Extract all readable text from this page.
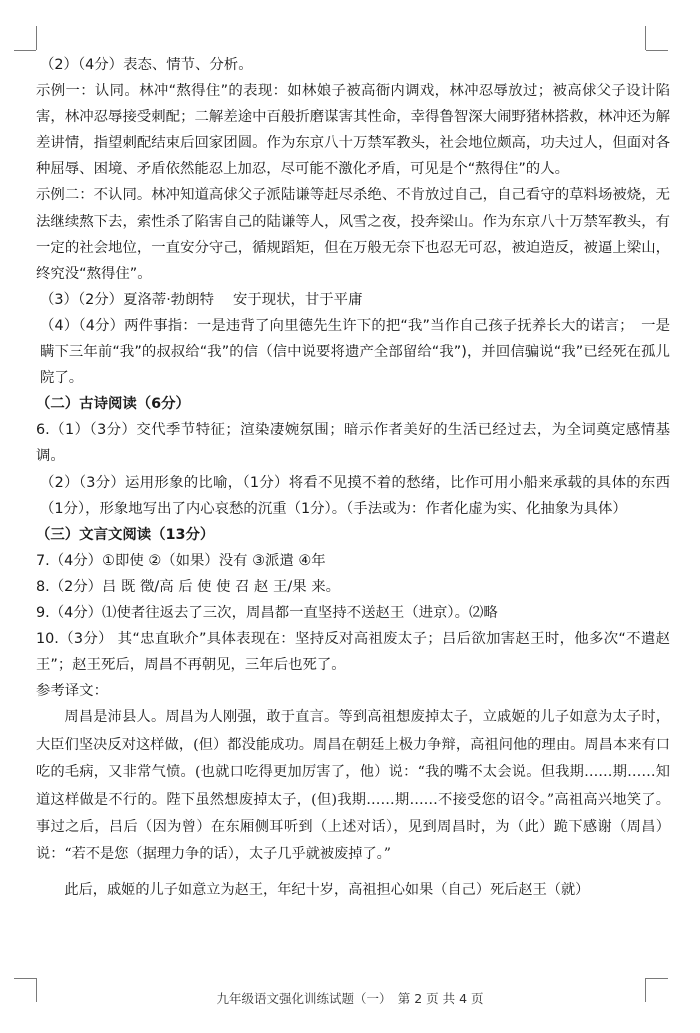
（2）（4分）表态、情节、分析。

示例一：认同。林冲“熬得住”的表现：如林娘子被高衙内调戏，林冲忍辱放过；被高俅父子设计陷害，林冲忍辱接受刺配；二解差途中百般折磨谋害其性命，幸得鲁智深大闹野猪林搭救，林冲还为解差讲情，指望刺配结束后回家团圆。作为东京八十万禁军教头，社会地位颇高，功夫过人，但面对各种屈辱、困境、矛盾依然能忍上加忍，尽可能不激化矛盾，可见是个“熬得住”的人。

示例二：不认同。林冲知道高俅父子派陆谦等赶尽杀绝、不肯放过自己，自己看守的草料场被烧，无法继续熬下去，索性杀了陷害自己的陆谦等人，风雪之夜，投奔梁山。作为东京八十万禁军教头，有一定的社会地位，一直安分守己，循规蹈矩，但在万般无奈下也忍无可忍，被迫造反，被逼上梁山，终究没“熬得住”。

（3）（2分）夏洛蒂·勃朗特　 安于现状，甘于平庸

（4）（4分）两件事指：一是违背了向里德先生许下的把“我”当作自己孩子抚养长大的诺言；　一是瞒下三年前“我”的叔叔给“我”的信（信中说要将遗产全部留给“我”)，并回信骗说“我”已经死在孤儿院了。

（二）古诗阅读（6分）

6.（1）（3分）交代季节特征；渲染凄婉氛围；暗示作者美好的生活已经过去，为全词奠定感情基调。

（2）（3分）运用形象的比喻，（1分）将看不见摸不着的愁绪，比作可用小船来承载的具体的东西（1分），形象地写出了内心哀愁的沉重（1分）。（手法或为：作者化虚为实、化抽象为具体）

（三）文言文阅读（13分）

7.（4分）①即使 ②（如果）没有 ③派遣 ④年

8.（2分）吕 既 徵/高 后 使 使 召 赵 王/果 来。

9.（4分）⑴使者往返去了三次，周昌都一直坚持不送赵王（进京）。⑵略

10.（3分） 其“忠直耿介”具体表现在：坚持反对高祖废太子；吕后欲加害赵王时，他多次“不遣赵王”；赵王死后，周昌不再朝见，三年后也死了。

参考译文：

周昌是沛县人。周昌为人刚强，敢于直言。等到高祖想废掉太子，立戚姬的儿子如意为太子时，大臣们坚决反对这样做，(但）都没能成功。周昌在朝廷上极力争辩，高祖问他的理由。周昌本来有口吃的毛病，又非常气愤。(也就口吃得更加厉害了，他）说：“我的嘴不太会说。但我期……期……知道这样做是不行的。陛下虽然想废掉太子，(但)我期……期……不接受您的诏令。”高祖高兴地笑了。事过之后，吕后（因为曾）在东厢侧耳听到（上述对话），见到周昌时，为（此）跪下感谢（周昌）说：“若不是您（据理力争的话），太子几乎就被废掉了。”

此后，戚姬的儿子如意立为赵王，年纪十岁，高祖担心如果（自己）死后赵王（就）

九年级语文强化训练试题（一）　第 2 页 共 4 页
